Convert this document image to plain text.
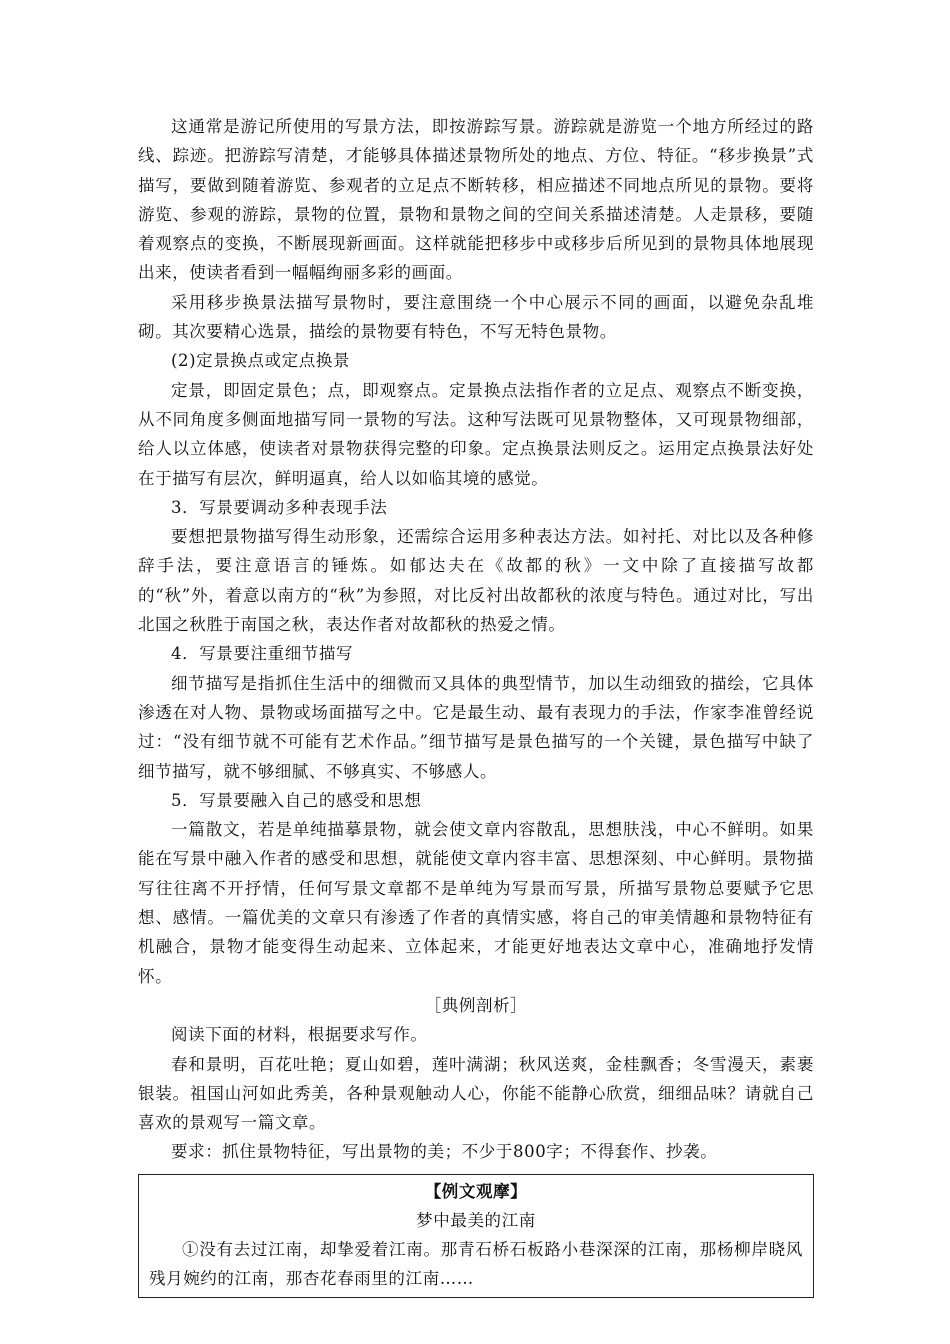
这通常是游记所使用的写景方法，即按游踪写景。游踪就是游览一个地方所经过的路线、踪迹。把游踪写清楚，才能够具体描述景物所处的地点、方位、特征。“移步换景”式描写，要做到随着游览、参观者的立足点不断转移，相应描述不同地点所见的景物。要将游览、参观的游踪，景物的位置，景物和景物之间的空间关系描述清楚。人走景移，要随着观察点的变换，不断展现新画面。这样就能把移步中或移步后所见到的景物具体地展现出来，使读者看到一幅幅绚丽多彩的画面。

采用移步换景法描写景物时，要注意围绕一个中心展示不同的画面，以避免杂乱堆砌。其次要精心选景，描绘的景物要有特色，不写无特色景物。

(2)定景换点或定点换景

定景，即固定景色；点，即观察点。定景换点法指作者的立足点、观察点不断变换，从不同角度多侧面地描写同一景物的写法。这种写法既可见景物整体，又可现景物细部，给人以立体感，使读者对景物获得完整的印象。定点换景法则反之。运用定点换景法好处在于描写有层次，鲜明逼真，给人以如临其境的感觉。

3．写景要调动多种表现手法

要想把景物描写得生动形象，还需综合运用多种表达方法。如衬托、对比以及各种修辞手法，要注意语言的锤炼。如郁达夫在《故都的秋》一文中除了直接描写故都的“秋”外，着意以南方的“秋”为参照，对比反衬出故都秋的浓度与特色。通过对比，写出北国之秋胜于南国之秋，表达作者对故都秋的热爱之情。

4．写景要注重细节描写

细节描写是指抓住生活中的细微而又具体的典型情节，加以生动细致的描绘，它具体渗透在对人物、景物或场面描写之中。它是最生动、最有表现力的手法，作家李准曾经说过：“没有细节就不可能有艺术作品。”细节描写是景色描写的一个关键，景色描写中缺了细节描写，就不够细腻、不够真实、不够感人。

5．写景要融入自己的感受和思想

一篇散文，若是单纯描摹景物，就会使文章内容散乱，思想肤浅，中心不鲜明。如果能在写景中融入作者的感受和思想，就能使文章内容丰富、思想深刻、中心鲜明。景物描写往往离不开抒情，任何写景文章都不是单纯为写景而写景，所描写景物总要赋予它思想、感情。一篇优美的文章只有渗透了作者的真情实感，将自己的审美情趣和景物特征有机融合，景物才能变得生动起来、立体起来，才能更好地表达文章中心，准确地抒发情怀。

［典例剖析］

阅读下面的材料，根据要求写作。

春和景明，百花吐艳；夏山如碧，莲叶满湖；秋风送爽，金桂飘香；冬雪漫天，素裹银装。祖国山河如此秀美，各种景观触动人心，你能不能静心欣赏，细细品味？请就自己喜欢的景观写一篇文章。

要求：抓住景物特征，写出景物的美；不少于800字；不得套作、抄袭。

【例文观摩】
梦中最美的江南

①没有去过江南，却挚爱着江南。那青石桥石板路小巷深深的江南，那杨柳岸晓风残月婉约的江南，那杏花春雨里的江南……
